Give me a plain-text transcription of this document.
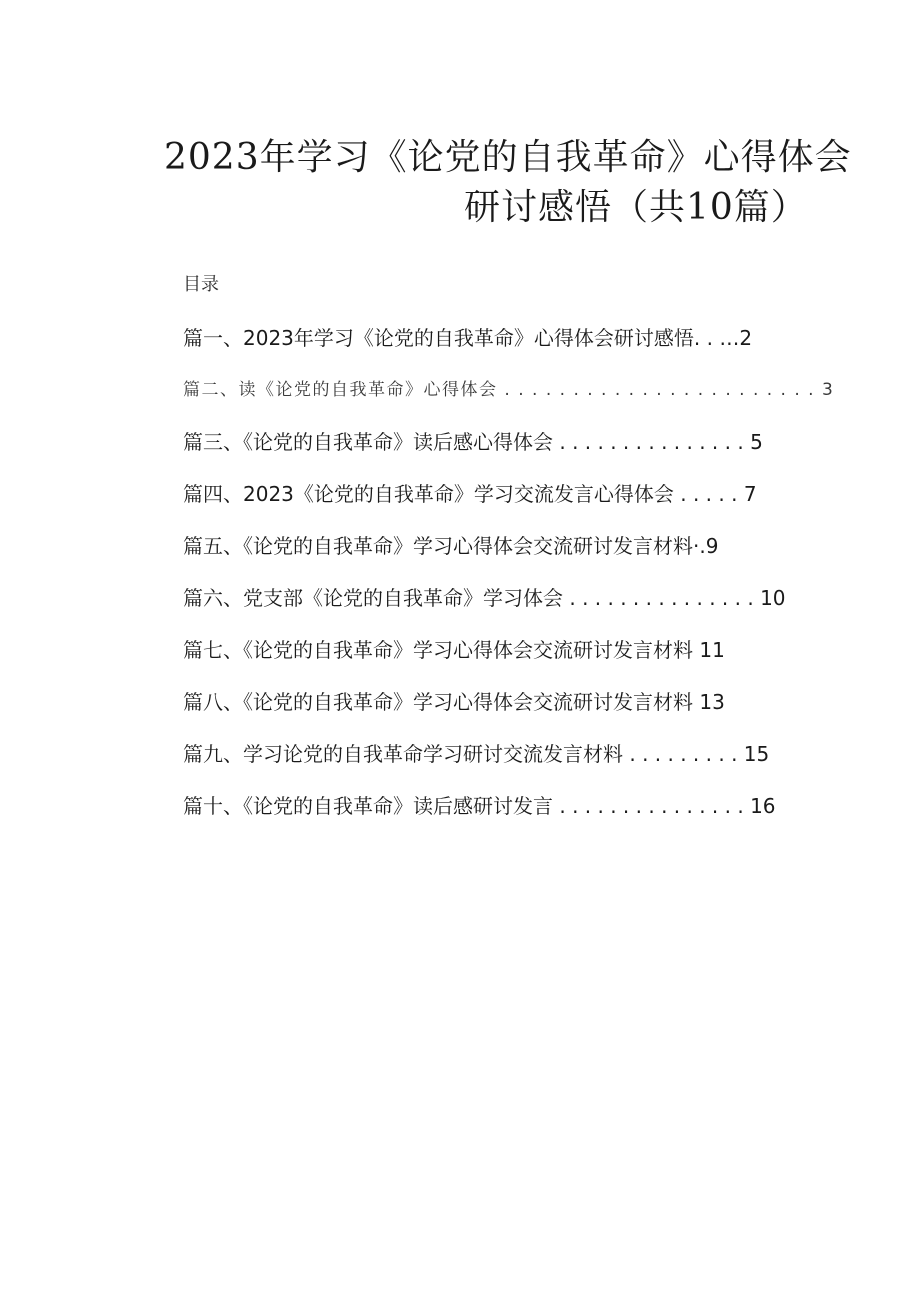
2023年学习《论党的自我革命》心得体会
研讨感悟（共10篇）
目录
篇一、2023年学习《论党的自我革命》心得体会研讨感悟. . …2
篇二、读《论党的自我革命》心得体会 . . . . . . . . . . . . . . . . . . . . . . . 3
篇三、《论党的自我革命》读后感心得体会 . . . . . . . . . . . . . . . 5
篇四、2023《论党的自我革命》学习交流发言心得体会 . . . . . 7
篇五、《论党的自我革命》学习心得体会交流研讨发言材料·.9
篇六、党支部《论党的自我革命》学习体会 . . . . . . . . . . . . . . . 10
篇七、《论党的自我革命》学习心得体会交流研讨发言材料 11
篇八、《论党的自我革命》学习心得体会交流研讨发言材料 13
篇九、学习论党的自我革命学习研讨交流发言材料 . . . . . . . . . 15
篇十、《论党的自我革命》读后感研讨发言 . . . . . . . . . . . . . . . 16
